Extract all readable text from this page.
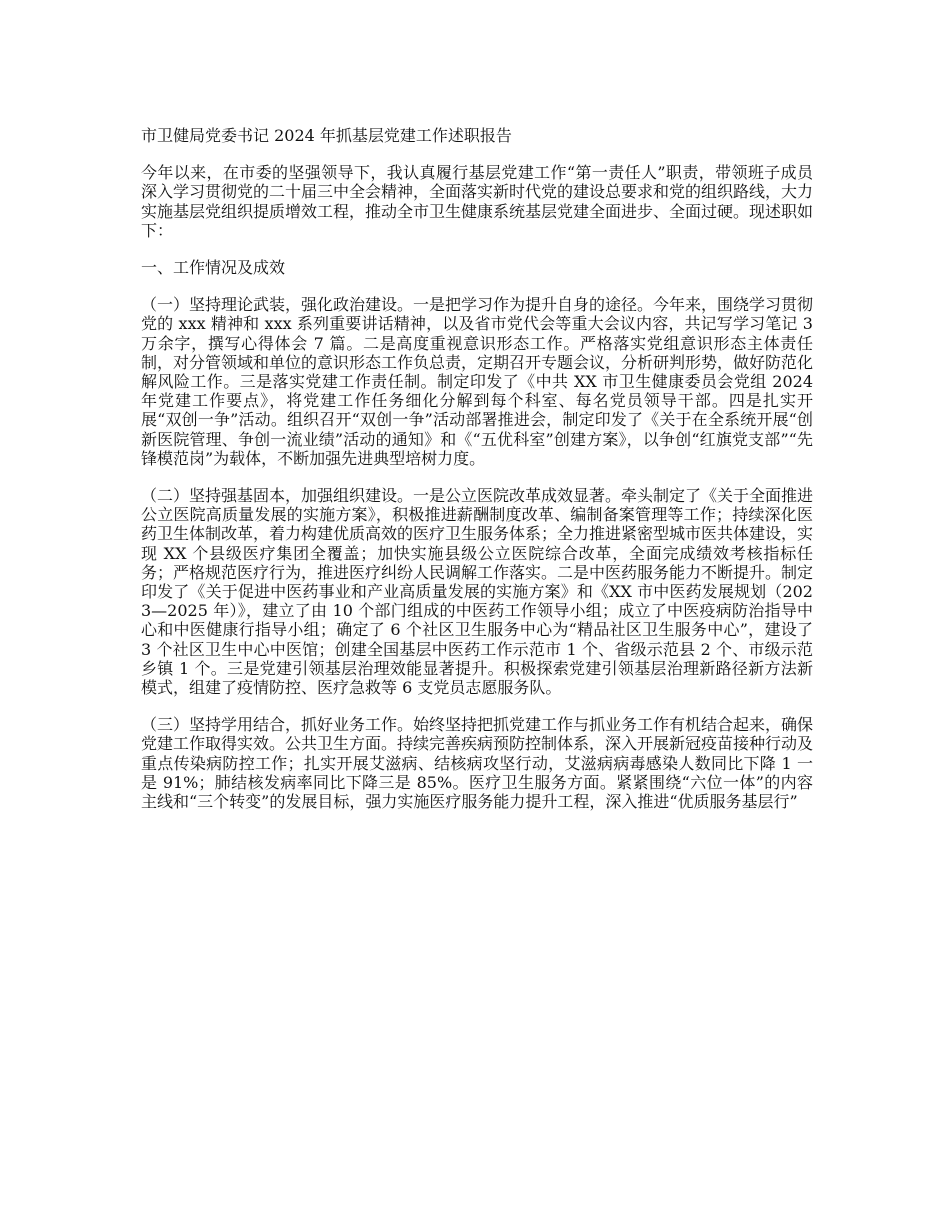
市卫健局党委书记 2024 年抓基层党建工作述职报告

今年以来，在市委的坚强领导下，我认真履行基层党建工作“第一责任人”职责，带领班子成员深入学习贯彻党的二十届三中全会精神，全面落实新时代党的建设总要求和党的组织路线，大力实施基层党组织提质增效工程，推动全市卫生健康系统基层党建全面进步、全面过硬。现述职如下：

一、工作情况及成效

（一）坚持理论武装，强化政治建设。一是把学习作为提升自身的途径。今年来，围绕学习贯彻党的 xxx 精神和 xxx 系列重要讲话精神，以及省市党代会等重大会议内容，共记写学习笔记 3 万余字，撰写心得体会 7 篇。二是高度重视意识形态工作。严格落实党组意识形态主体责任制，对分管领域和单位的意识形态工作负总责，定期召开专题会议，分析研判形势，做好防范化解风险工作。三是落实党建工作责任制。制定印发了《中共 XX 市卫生健康委员会党组 2024 年党建工作要点》，将党建工作任务细化分解到每个科室、每名党员领导干部。四是扎实开展“双创一争”活动。组织召开“双创一争”活动部署推进会，制定印发了《关于在全系统开展“创新医院管理、争创一流业绩”活动的通知》和《“五优科室”创建方案》，以争创“红旗党支部”“先锋模范岗”为载体，不断加强先进典型培树力度。

（二）坚持强基固本，加强组织建设。一是公立医院改革成效显著。牵头制定了《关于全面推进公立医院高质量发展的实施方案》，积极推进薪酬制度改革、编制备案管理等工作；持续深化医药卫生体制改革，着力构建优质高效的医疗卫生服务体系；全力推进紧密型城市医共体建设，实现 XX 个县级医疗集团全覆盖；加快实施县级公立医院综合改革，全面完成绩效考核指标任务；严格规范医疗行为，推进医疗纠纷人民调解工作落实。二是中医药服务能力不断提升。制定印发了《关于促进中医药事业和产业高质量发展的实施方案》和《XX 市中医药发展规划（2023—2025 年）》，建立了由 10 个部门组成的中医药工作领导小组；成立了中医疫病防治指导中心和中医健康行指导小组；确定了 6 个社区卫生服务中心为“精品社区卫生服务中心”，建设了 3 个社区卫生中心中医馆；创建全国基层中医药工作示范市 1 个、省级示范县 2 个、市级示范乡镇 1 个。三是党建引领基层治理效能显著提升。积极探索党建引领基层治理新路径新方法新模式，组建了疫情防控、医疗急救等 6 支党员志愿服务队。

（三）坚持学用结合，抓好业务工作。始终坚持把抓党建工作与抓业务工作有机结合起来，确保党建工作取得实效。公共卫生方面。持续完善疾病预防控制体系，深入开展新冠疫苗接种行动及重点传染病防控工作；扎实开展艾滋病、结核病攻坚行动，艾滋病病毒感染人数同比下降 1 一是 91%；肺结核发病率同比下降三是 85%。医疗卫生服务方面。紧紧围绕“六位一体”的内容主线和“三个转变”的发展目标，强力实施医疗服务能力提升工程，深入推进“优质服务基层行”
